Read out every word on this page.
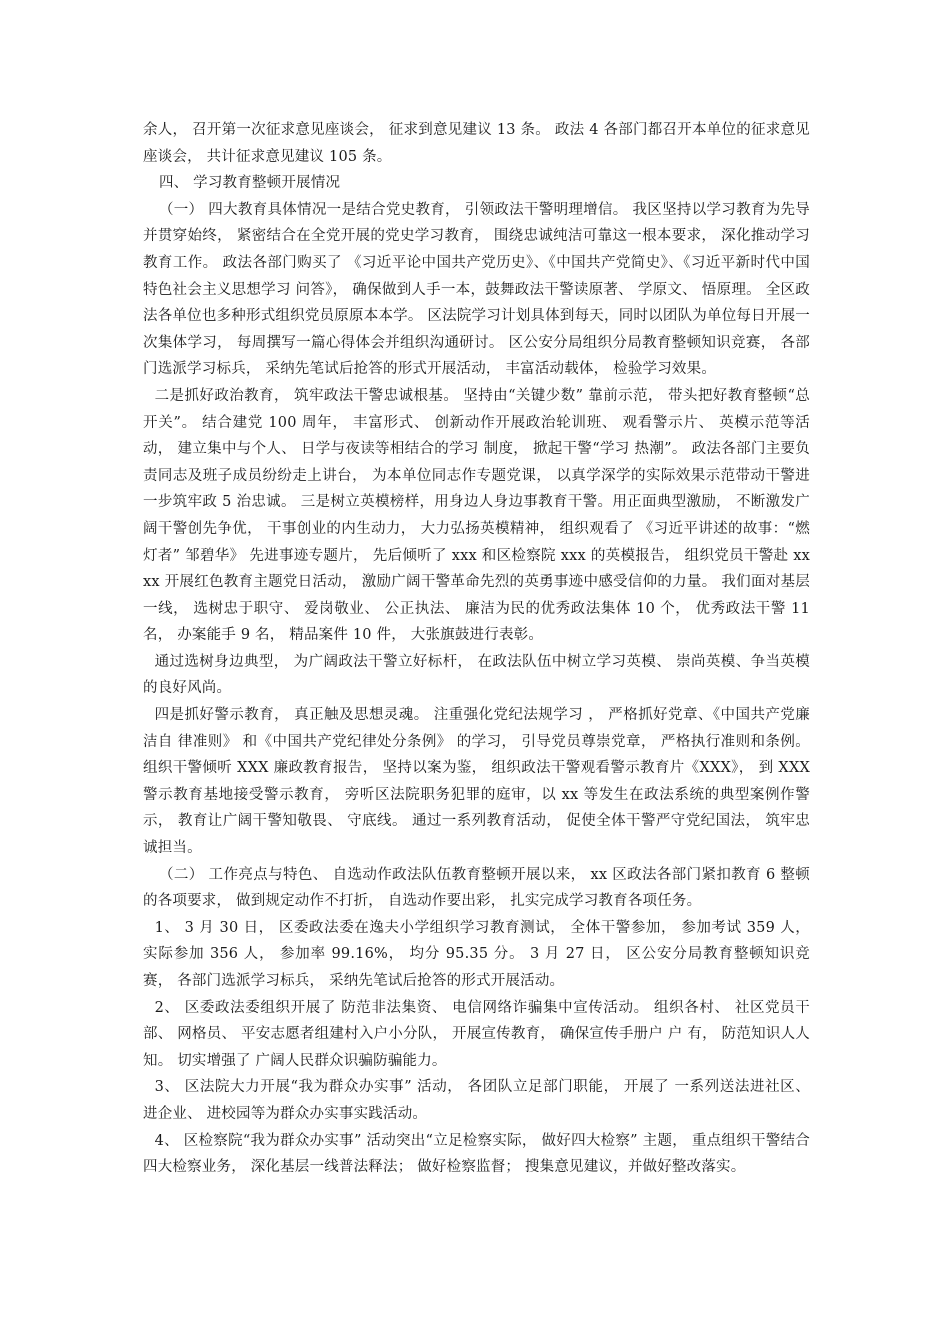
余人， 召开第一次征求意见座谈会， 征求到意见建议 13 条。 政法 4 各部门都召开本单位的征求意见座谈会， 共计征求意见建议 105 条。

四、 学习教育整顿开展情况

（一） 四大教育具体情况一是结合党史教育， 引领政法干警明理增信。 我区坚持以学习教育为先导并贯穿始终， 紧密结合在全党开展的党史学习教育， 围绕忠诚纯洁可靠这一根本要求， 深化推动学习教育工作。 政法各部门购买了 《习近平论中国共产党历史》、《中国共产党简史》、《习近平新时代中国特色社会主义思想学习 问答》， 确保做到人手一本，鼓舞政法干警读原著、 学原文、 悟原理。 全区政法各单位也多种形式组织党员原原本本学。 区法院学习计划具体到每天，同时以团队为单位每日开展一次集体学习， 每周撰写一篇心得体会并组织沟通研讨。 区公安分局组织分局教育整顿知识竞赛， 各部门选派学习标兵， 采纳先笔试后抢答的形式开展活动， 丰富活动载体， 检验学习效果。

二是抓好政治教育， 筑牢政法干警忠诚根基。 坚持由“关键少数” 靠前示范， 带头把好教育整顿“总开关”。 结合建党 100 周年， 丰富形式、 创新动作开展政治轮训班、 观看警示片、 英模示范等活动， 建立集中与个人、 日学与夜读等相结合的学习 制度， 掀起干警“学习 热潮”。 政法各部门主要负责同志及班子成员纷纷走上讲台， 为本单位同志作专题党课， 以真学深学的实际效果示范带动干警进一步筑牢政 5 治忠诚。 三是树立英模榜样，用身边人身边事教育干警。用正面典型激励， 不断激发广阔干警创先争优， 干事创业的内生动力， 大力弘扬英模精神， 组织观看了 《习近平讲述的故事：“燃灯者” 邹碧华》 先进事迹专题片， 先后倾听了 xxx 和区检察院 xxx 的英模报告， 组织党员干警赴 xxxx 开展红色教育主题党日活动， 激励广阔干警革命先烈的英勇事迹中感受信仰的力量。 我们面对基层一线， 选树忠于职守、 爱岗敬业、 公正执法、 廉洁为民的优秀政法集体 10 个， 优秀政法干警 11 名， 办案能手 9 名， 精品案件 10 件， 大张旗鼓进行表彰。

通过选树身边典型， 为广阔政法干警立好标杆， 在政法队伍中树立学习英模、 崇尚英模、争当英模的良好风尚。

四是抓好警示教育， 真正触及思想灵魂。 注重强化党纪法规学习 ， 严格抓好党章、《中国共产党廉洁自 律准则》 和《中国共产党纪律处分条例》 的学习， 引导党员尊崇党章， 严格执行准则和条例。 组织干警倾听 XXX 廉政教育报告， 坚持以案为鉴， 组织政法干警观看警示教育片《XXX》， 到 XXX警示教育基地接受警示教育， 旁听区法院职务犯罪的庭审，以 xx 等发生在政法系统的典型案例作警示， 教育让广阔干警知敬畏、 守底线。 通过一系列教育活动， 促使全体干警严守党纪国法， 筑牢忠诚担当。

（二） 工作亮点与特色、 自选动作政法队伍教育整顿开展以来， xx 区政法各部门紧扣教育 6 整顿的各项要求， 做到规定动作不打折， 自选动作要出彩， 扎实完成学习教育各项任务。

1、 3 月 30 日， 区委政法委在逸夫小学组织学习教育测试， 全体干警参加， 参加考试 359 人， 实际参加 356 人， 参加率 99.16%， 均分 95.35 分。 3 月 27 日， 区公安分局教育整顿知识竞赛， 各部门选派学习标兵， 采纳先笔试后抢答的形式开展活动。

2、 区委政法委组织开展了 防范非法集资、 电信网络诈骗集中宣传活动。 组织各村、 社区党员干部、 网格员、 平安志愿者组建村入户小分队， 开展宣传教育， 确保宣传手册户 户 有， 防范知识人人知。 切实增强了 广阔人民群众识骗防骗能力。

3、 区法院大力开展“我为群众办实事” 活动， 各团队立足部门职能， 开展了 一系列送法进社区、 进企业、 进校园等为群众办实事实践活动。

4、 区检察院“我为群众办实事” 活动突出“立足检察实际， 做好四大检察” 主题， 重点组织干警结合四大检察业务， 深化基层一线普法释法； 做好检察监督； 搜集意见建议，并做好整改落实。
